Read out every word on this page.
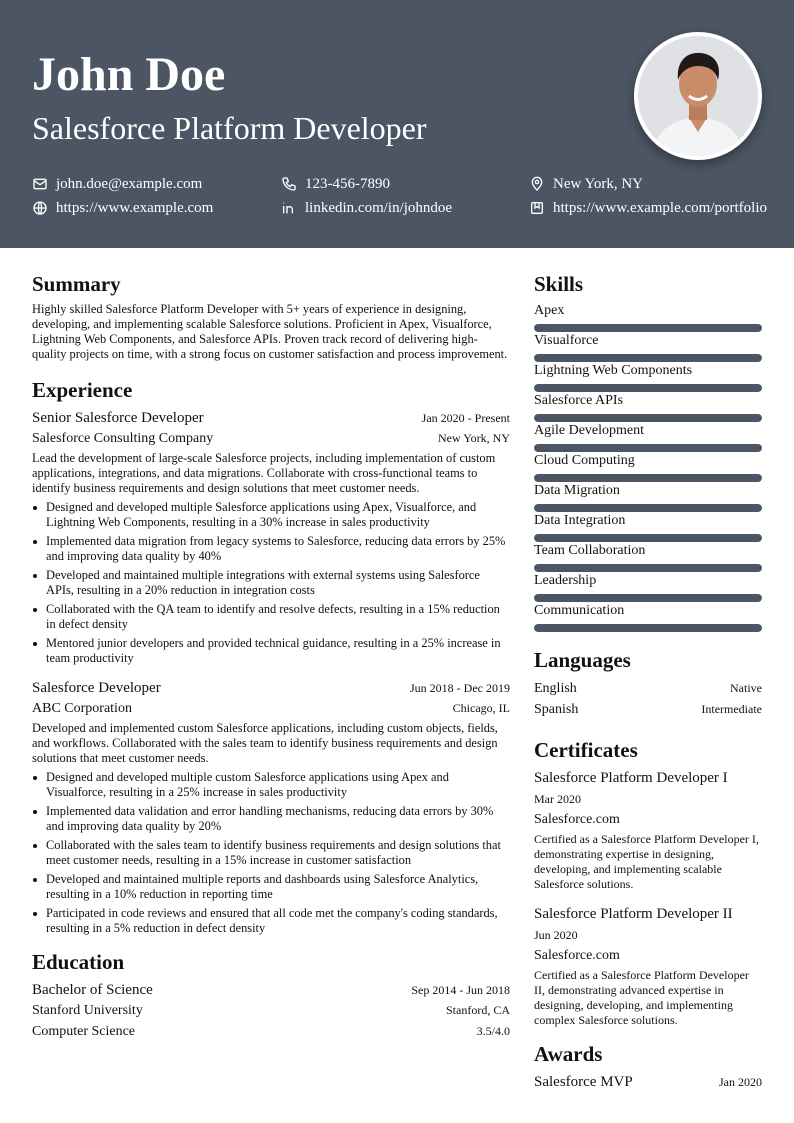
John Doe
Salesforce Platform Developer
john.doe@example.com	123-456-7890	New York, NY
https://www.example.com	linkedin.com/in/johndoe	https://www.example.com/portfolio
Summary

Highly skilled Salesforce Platform Developer with 5+ years of experience in designing, developing, and implementing scalable Salesforce solutions. Proficient in Apex, Visualforce, Lightning Web Components, and Salesforce APIs. Proven track record of delivering high-quality projects on time, with a strong focus on customer satisfaction and process improvement.

Experience
Senior Salesforce Developer	Jan 2020 - Present
Salesforce Consulting Company	New York, NY

Lead the development of large-scale Salesforce projects, including implementation of custom applications, integrations, and data migrations. Collaborate with cross-functional teams to identify business requirements and design solutions that meet customer needs.

Designed and developed multiple Salesforce applications using Apex, Visualforce, and Lightning Web Components, resulting in a 30% increase in sales productivity
Implemented data migration from legacy systems to Salesforce, reducing data errors by 25% and improving data quality by 40%
Developed and maintained multiple integrations with external systems using Salesforce APIs, resulting in a 20% reduction in integration costs
Collaborated with the QA team to identify and resolve defects, resulting in a 15% reduction in defect density
Mentored junior developers and provided technical guidance, resulting in a 25% increase in team productivity
Salesforce Developer	Jun 2018 - Dec 2019
ABC Corporation	Chicago, IL

Developed and implemented custom Salesforce applications, including custom objects, fields, and workflows. Collaborated with the sales team to identify business requirements and design solutions that meet customer needs.

Designed and developed multiple custom Salesforce applications using Apex and Visualforce, resulting in a 25% increase in sales productivity
Implemented data validation and error handling mechanisms, reducing data errors by 30% and improving data quality by 20%
Collaborated with the sales team to identify business requirements and design solutions that meet customer needs, resulting in a 15% increase in customer satisfaction
Developed and maintained multiple reports and dashboards using Salesforce Analytics, resulting in a 10% reduction in reporting time
Participated in code reviews and ensured that all code met the company's coding standards, resulting in a 5% reduction in defect density
Education
Bachelor of Science	Sep 2014 - Jun 2018
Stanford University	Stanford, CA
Computer Science	3.5/4.0
Skills
Apex
Visualforce
Lightning Web Components
Salesforce APIs
Agile Development
Cloud Computing
Data Migration
Data Integration
Team Collaboration
Leadership
Communication
Languages
English	Native
Spanish	Intermediate
Certificates
Salesforce Platform Developer I
Mar 2020
Salesforce.com
Certified as a Salesforce Platform Developer I, demonstrating expertise in designing, developing, and implementing scalable Salesforce solutions.
Salesforce Platform Developer II
Jun 2020
Salesforce.com
Certified as a Salesforce Platform Developer II, demonstrating advanced expertise in designing, developing, and implementing complex Salesforce solutions.
Awards
Salesforce MVP	Jan 2020
